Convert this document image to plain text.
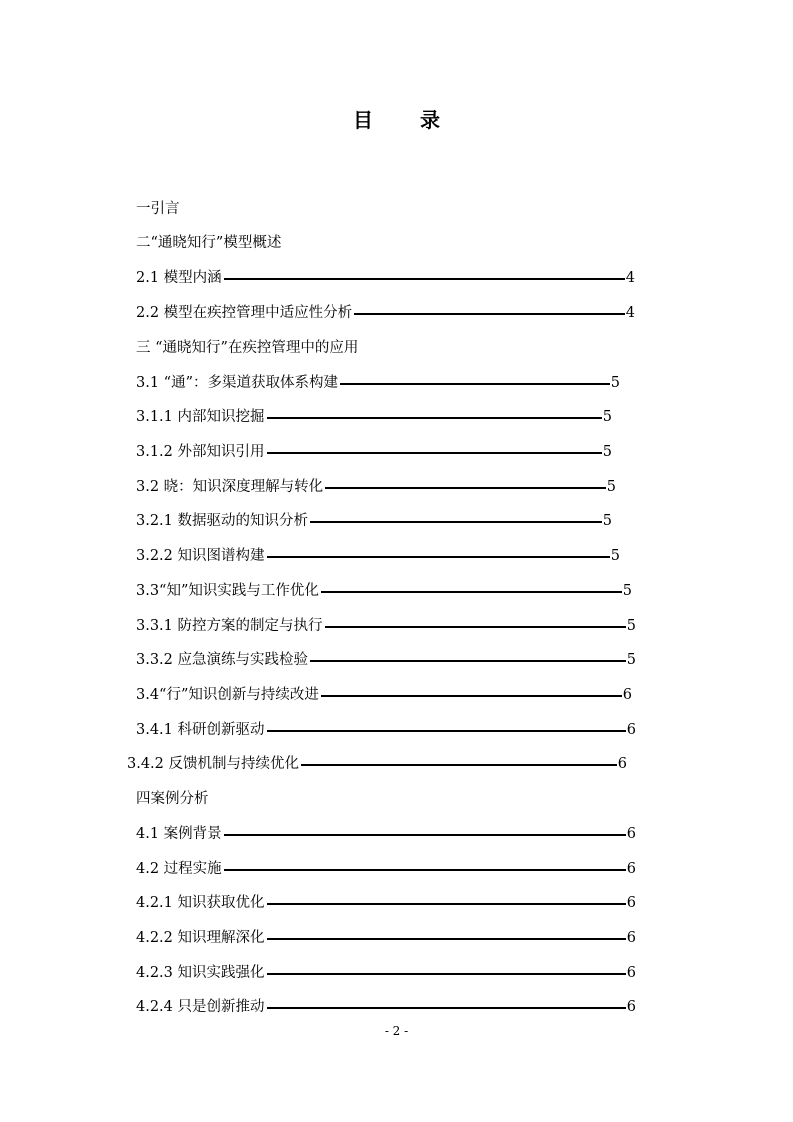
目 录
一引言
二“通晓知行”模型概述
2.1 模型内涵	4
2.2 模型在疾控管理中适应性分析	4
三 “通晓知行”在疾控管理中的应用
3.1 “通”：多渠道获取体系构建	5
3.1.1 内部知识挖掘	5
3.1.2 外部知识引用	5
3.2 晓：知识深度理解与转化	5
3.2.1 数据驱动的知识分析	5
3.2.2 知识图谱构建	5
3.3“知”知识实践与工作优化	5
3.3.1 防控方案的制定与执行	5
3.3.2 应急演练与实践检验	5
3.4“行”知识创新与持续改进	6
3.4.1 科研创新驱动	6
3.4.2 反馈机制与持续优化	6
四案例分析
4.1 案例背景	6
4.2 过程实施	6
4.2.1 知识获取优化	6
4.2.2 知识理解深化	6
4.2.3 知识实践强化	6
4.2.4 只是创新推动	6
- 2 -
